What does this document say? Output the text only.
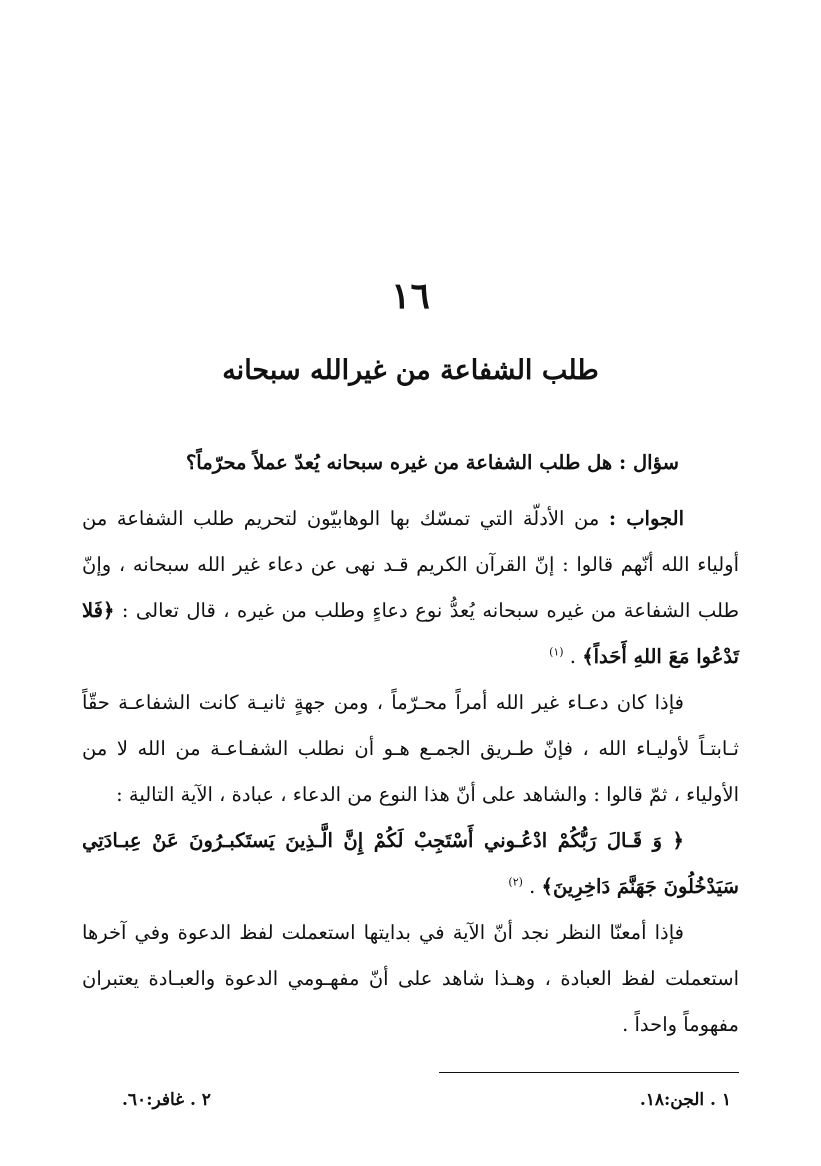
١٦
طلب الشفاعة من غيرالله سبحانه

سؤال : هل طلب الشفاعة من غيره سبحانه يُعدّ عملاً محرّماً؟

الجواب : من الأدلّة التي تمسّك بها الوهابيّون لتحريم طلب الشفاعة من أولياء الله أنّهم قالوا : إنّ القرآن الكريم قـد نهى عن دعاء غير الله سبحانه ، وإنّ طلب الشفاعة من غيره سبحانه يُعدُّ نوع دعاءٍ وطلب من غيره ، قال تعالى : ﴿فَلا تَدْعُوا مَعَ اللهِ أَحَداً﴾ . $^{(١)}$

فإذا كان دعـاء غير الله أمراً محـرّماً ، ومن جهةٍ ثانيـة كانت الشفاعـة حقّاً ثـابتـاً لأوليـاء الله ، فإنّ طـريق الجمـع هـو أن نطلب الشفـاعـة من الله لا من الأولياء ، ثمّ قالوا : والشاهد على أنّ هذا النوع من الدعاء ، عبادة ، الآية التالية :

﴿ وَ قَـالَ رَبُّكُمْ ادْعُـوني أَسْتَجِبْ لَكُمْ إِنَّ الَّـذِينَ يَستَكبـرُونَ عَنْ عِبـادَتِي سَيَدْخُلُونَ جَهَنَّمَ دَاخِرِينَ﴾ . $^{(٢)}$

فإذا أمعنّا النظر نجد أنّ الآية في بدايتها استعملت لفظ الدعوة وفي آخرها استعملت لفظ العبادة ، وهـذا شاهد على أنّ مفهـومي الدعوة والعبـادة يعتبران مفهوماً واحداً .

١ . الجن:١٨.
٢ . غافر:٦٠.
